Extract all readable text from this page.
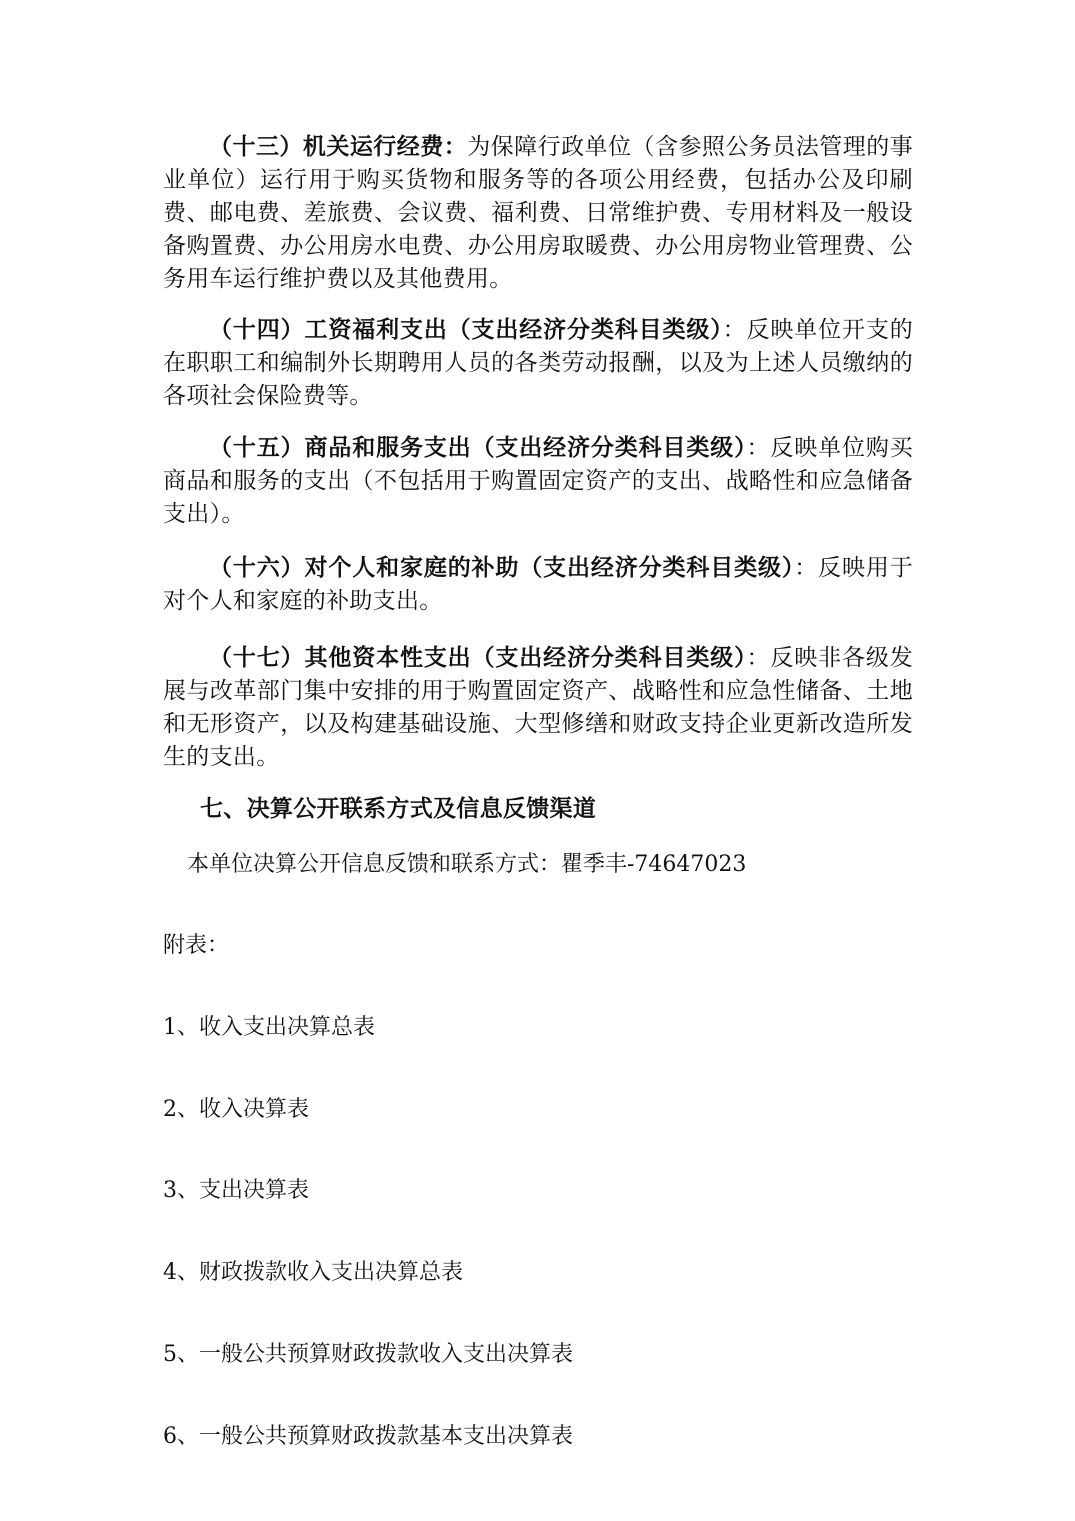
（十三）机关运行经费：为保障行政单位（含参照公务员法管理的事业单位）运行用于购买货物和服务等的各项公用经费，包括办公及印刷费、邮电费、差旅费、会议费、福利费、日常维护费、专用材料及一般设备购置费、办公用房水电费、办公用房取暖费、办公用房物业管理费、公务用车运行维护费以及其他费用。

（十四）工资福利支出（支出经济分类科目类级）：反映单位开支的在职职工和编制外长期聘用人员的各类劳动报酬，以及为上述人员缴纳的各项社会保险费等。

（十五）商品和服务支出（支出经济分类科目类级）：反映单位购买商品和服务的支出（不包括用于购置固定资产的支出、战略性和应急储备支出）。

（十六）对个人和家庭的补助（支出经济分类科目类级）：反映用于对个人和家庭的补助支出。

（十七）其他资本性支出（支出经济分类科目类级）：反映非各级发展与改革部门集中安排的用于购置固定资产、战略性和应急性储备、土地和无形资产，以及构建基础设施、大型修缮和财政支持企业更新改造所发生的支出。

七、决算公开联系方式及信息反馈渠道

本单位决算公开信息反馈和联系方式：瞿季丰-74647023

附表：

1、收入支出决算总表

2、收入决算表

3、支出决算表

4、财政拨款收入支出决算总表

5、一般公共预算财政拨款收入支出决算表

6、一般公共预算财政拨款基本支出决算表
